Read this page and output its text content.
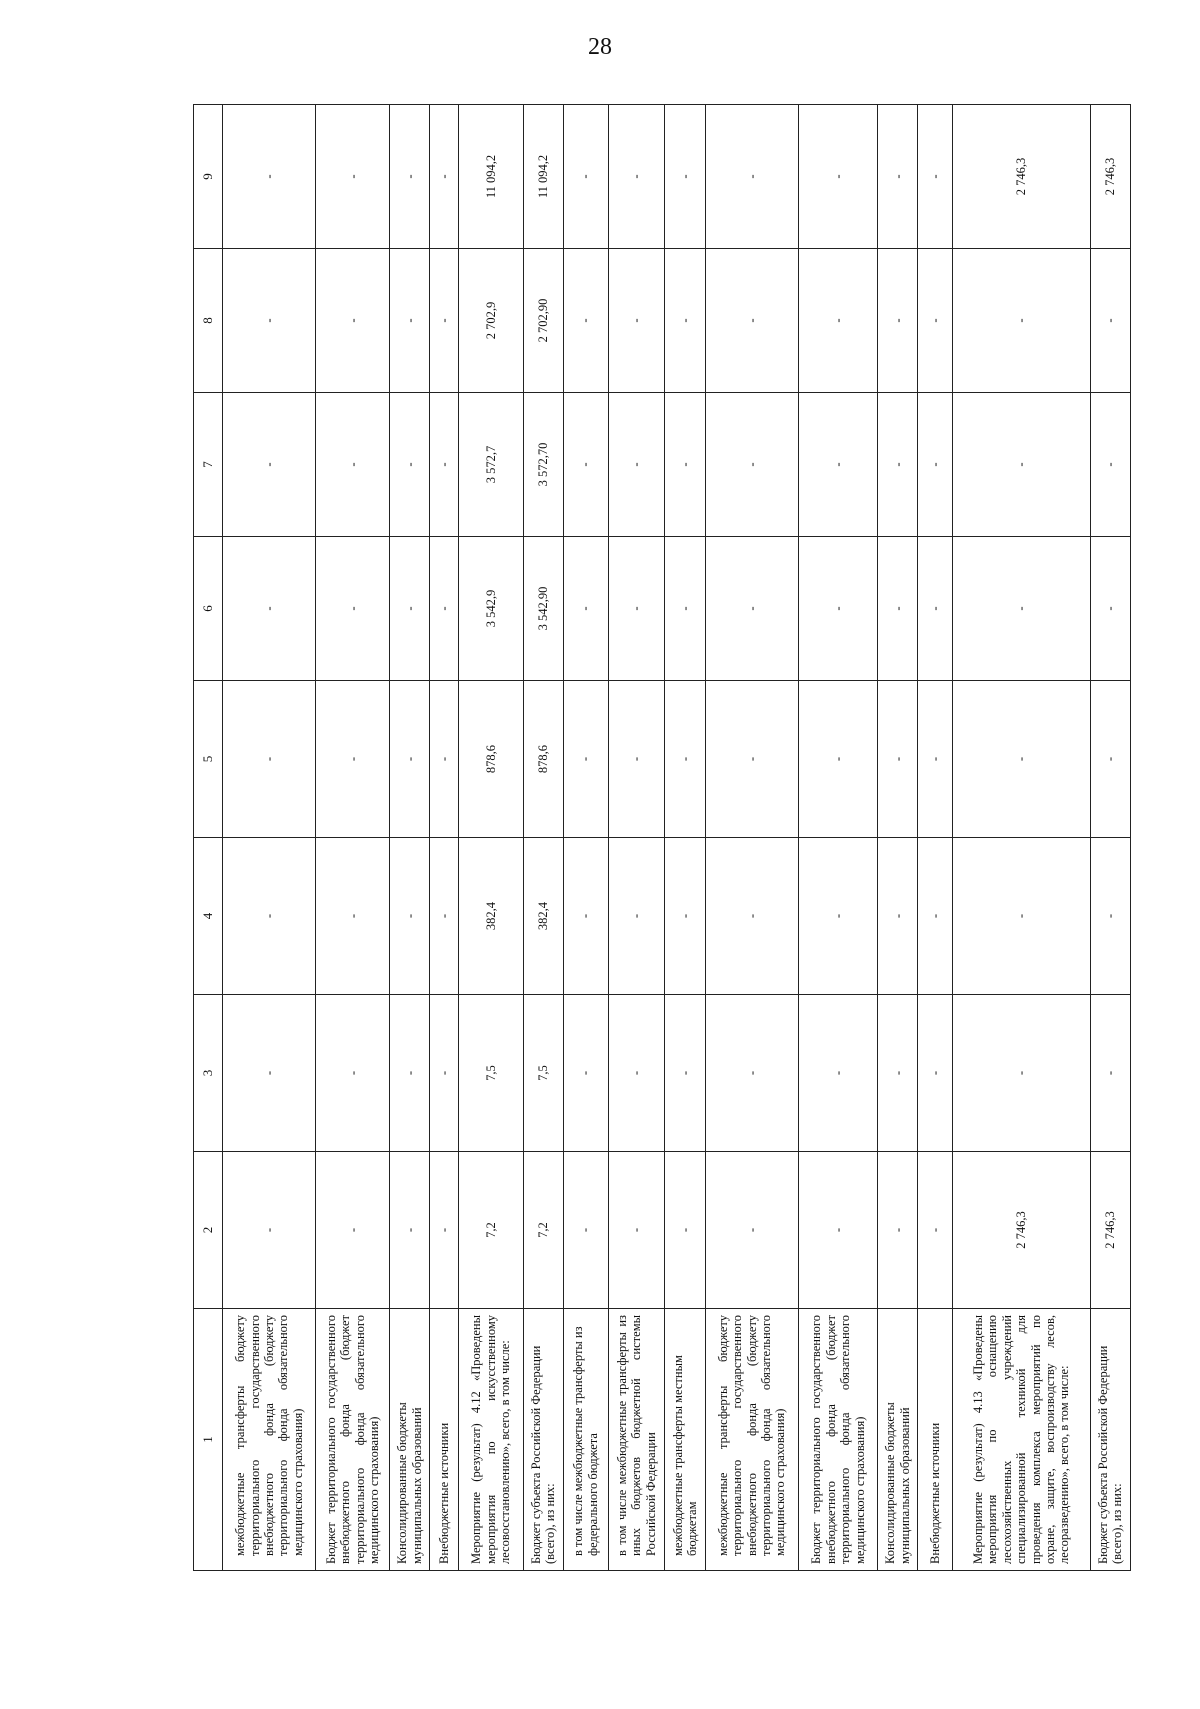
28
1	2	3	4	5	6	7	8	9
межбюджетные трансферты бюджету территориального государственного внебюджетного фонда (бюджету территориального фонда обязательного медицинского страхования)	-	-	-	-	-	-	-	-
Бюджет территориального государственного внебюджетного фонда (бюджет территориального фонда обязательного медицинского страхования)	-	-	-	-	-	-	-	-
Консолидированные бюджеты муниципальных образований	-	-	-	-	-	-	-	-
Внебюджетные источники	-	-	-	-	-	-	-	-
Мероприятие (результат) 4.12 «Проведены мероприятия по искусственному лесовосстановлению», всего, в том числе:	7,2	7,5	382,4	878,6	3 542,9	3 572,7	2 702,9	11 094,2
Бюджет субъекта Российской Федерации (всего), из них:	7,2	7,5	382,4	878,6	3 542,90	3 572,70	2 702,90	11 094,2
в том числе межбюджетные трансферты из федерального бюджета	-	-	-	-	-	-	-	-
в том числе межбюджетные трансферты из иных бюджетов бюджетной системы Российской Федерации	-	-	-	-	-	-	-	-
межбюджетные трансферты местным бюджетам	-	-	-	-	-	-	-	-
межбюджетные трансферты бюджету территориального государственного внебюджетного фонда (бюджету территориального фонда обязательного медицинского страхования)	-	-	-	-	-	-	-	-
Бюджет территориального государственного внебюджетного фонда (бюджет территориального фонда обязательного медицинского страхования)	-	-	-	-	-	-	-	-
Консолидированные бюджеты муниципальных образований	-	-	-	-	-	-	-	-
Внебюджетные источники	-	-	-	-	-	-	-	-
Мероприятие (результат) 4.13 «Проведены мероприятия по оснащению лесохозяйственных учреждений специализированной техникой для проведения комплекса мероприятий по охране, защите, воспроизводству лесов, лесоразведению», всего, в том числе:	2 746,3	-	-	-	-	-	-	2 746,3
Бюджет субъекта Российской Федерации (всего), из них:	2 746,3	-	-	-	-	-	-	2 746,3
